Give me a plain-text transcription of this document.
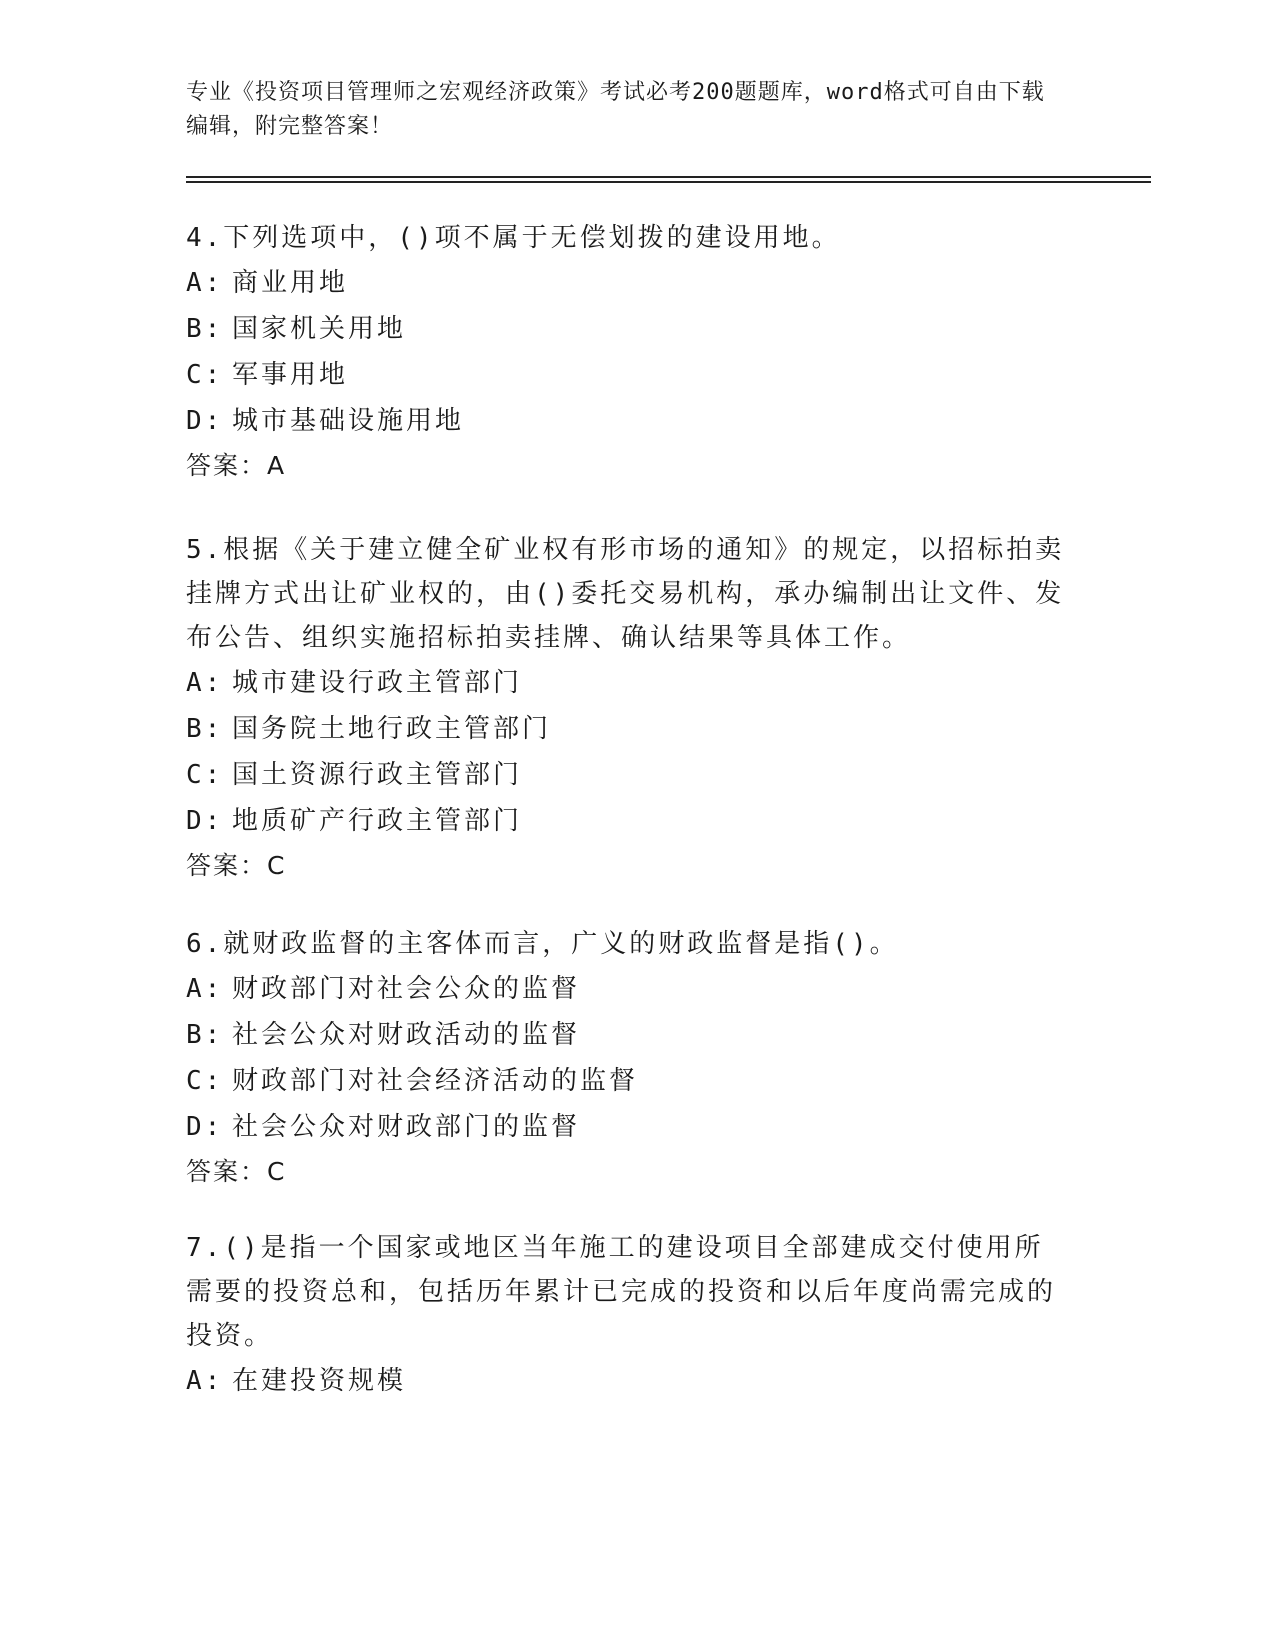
专业《投资项目管理师之宏观经济政策》考试必考200题题库，word格式可自由下载编辑，附完整答案！

4.下列选项中，()项不属于无偿划拨的建设用地。

A: 商业用地

B: 国家机关用地

C: 军事用地

D: 城市基础设施用地

答案：A

5.根据《关于建立健全矿业权有形市场的通知》的规定，以招标拍卖挂牌方式出让矿业权的，由()委托交易机构，承办编制出让文件、发布公告、组织实施招标拍卖挂牌、确认结果等具体工作。

A: 城市建设行政主管部门

B: 国务院土地行政主管部门

C: 国土资源行政主管部门

D: 地质矿产行政主管部门

答案：C

6.就财政监督的主客体而言，广义的财政监督是指()。

A: 财政部门对社会公众的监督

B: 社会公众对财政活动的监督

C: 财政部门对社会经济活动的监督

D: 社会公众对财政部门的监督

答案：C

7.()是指一个国家或地区当年施工的建设项目全部建成交付使用所需要的投资总和，包括历年累计已完成的投资和以后年度尚需完成的投资。

A: 在建投资规模
